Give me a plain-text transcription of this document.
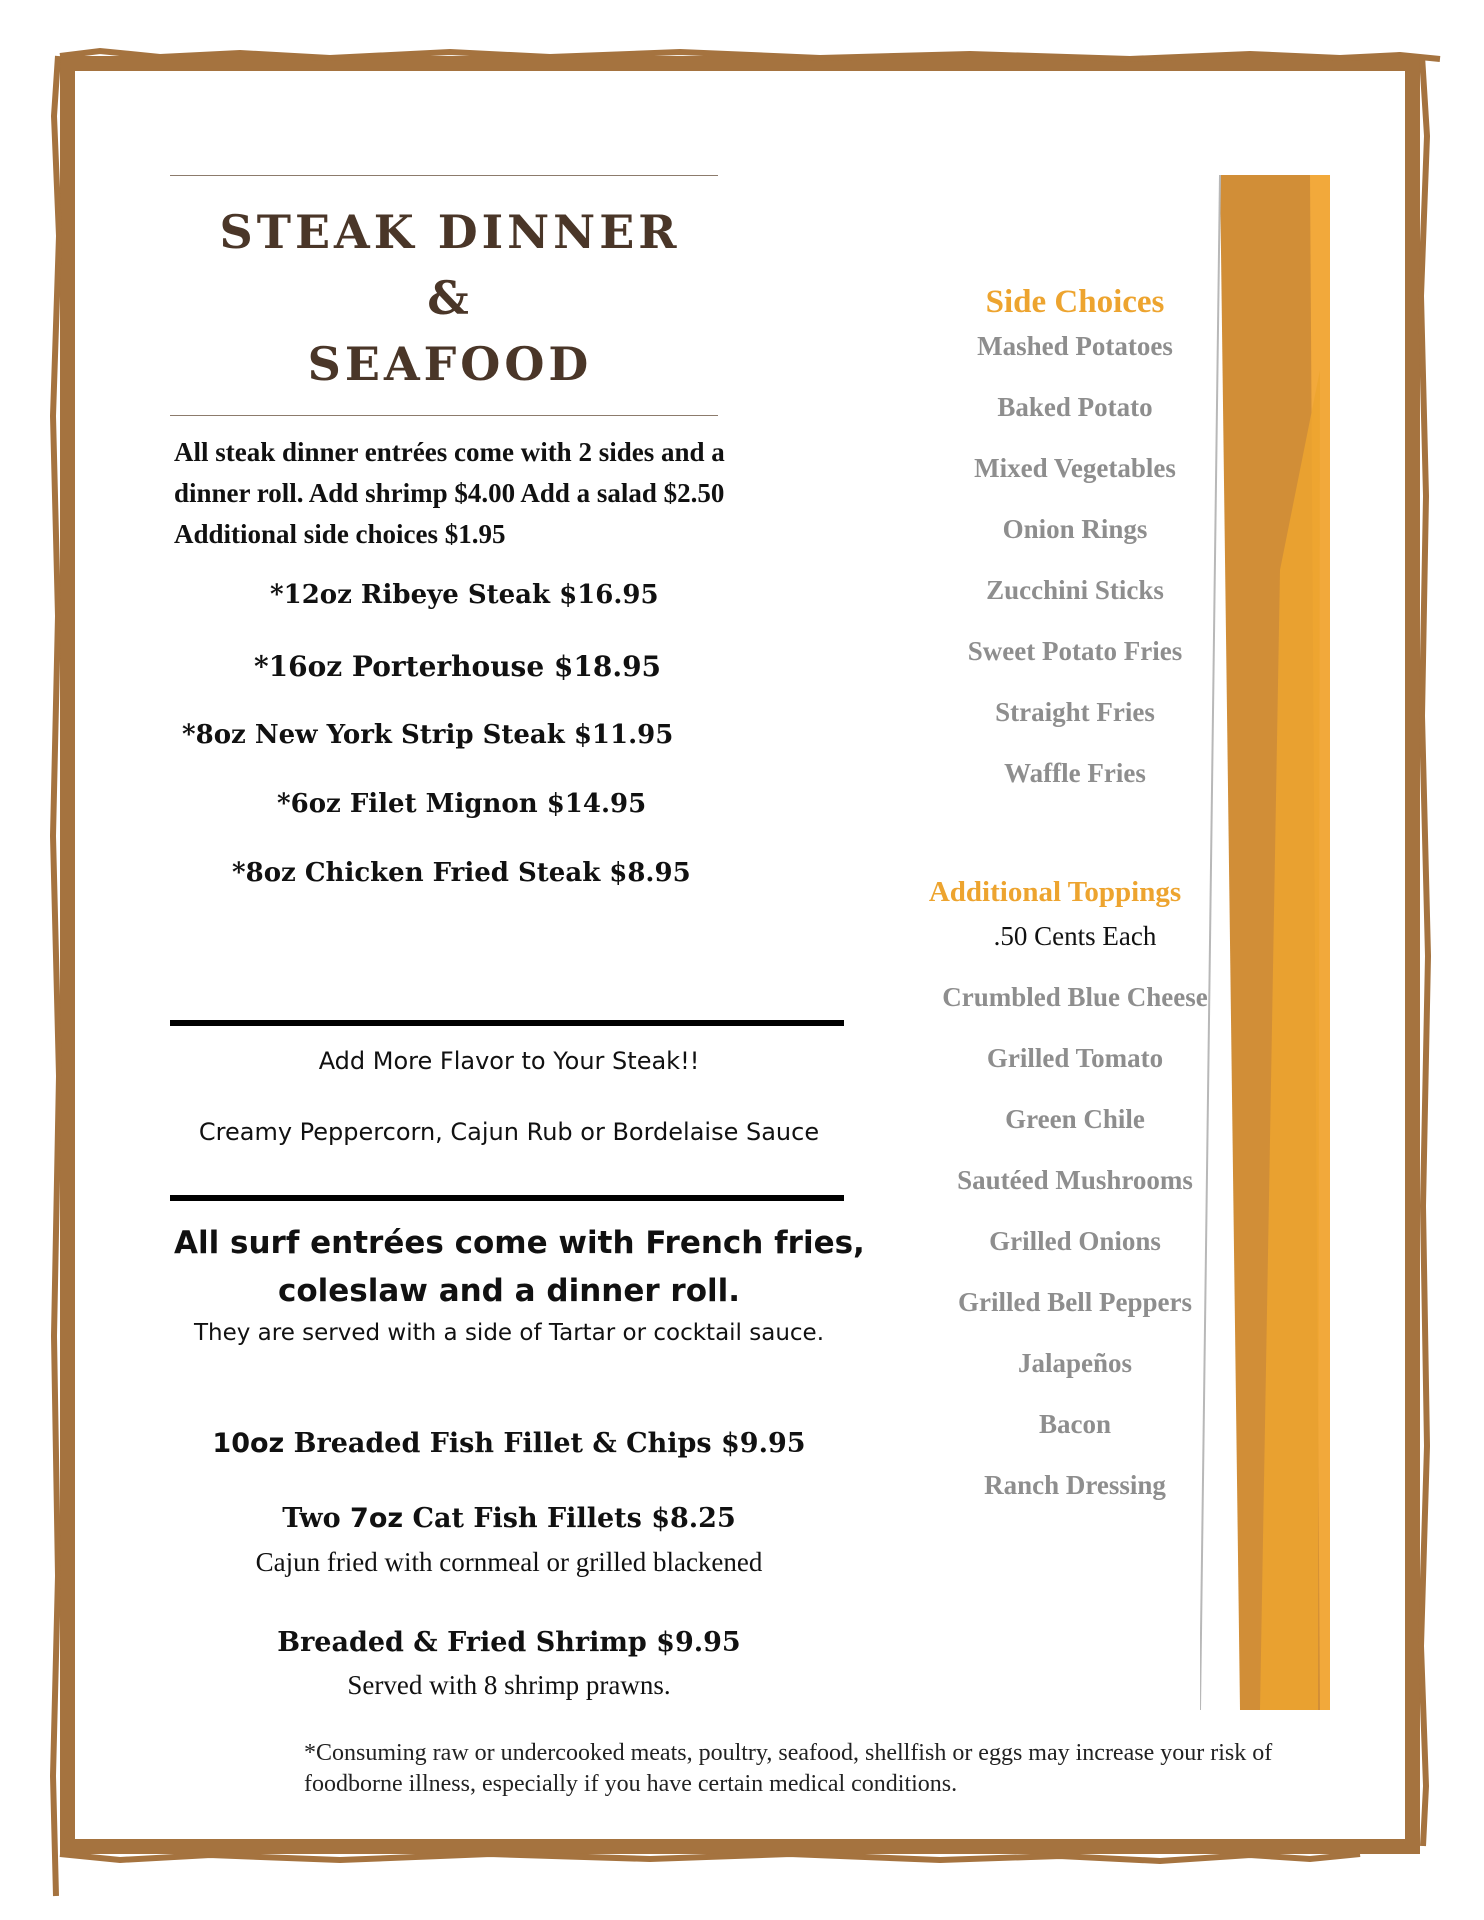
STEAK DINNER
&
SEAFOOD
All steak dinner entrées come with 2 sides and a dinner roll. Add shrimp $4.00 Add a salad $2.50 Additional side choices $1.95
*12oz Ribeye Steak $16.95
*16oz Porterhouse $18.95
*8oz New York Strip Steak $11.95
*6oz Filet Mignon $14.95
*8oz Chicken Fried Steak $8.95
Add More Flavor to Your Steak!!
Creamy Peppercorn, Cajun Rub or Bordelaise Sauce
All surf entrées come with French fries,
coleslaw and a dinner roll.
They are served with a side of Tartar or cocktail sauce.
10oz Breaded Fish Fillet & Chips $9.95
Two 7oz Cat Fish Fillets $8.25
Cajun fried with cornmeal or grilled blackened
Breaded & Fried Shrimp $9.95
Served with 8 shrimp prawns.
Side Choices
Mashed Potatoes
Baked Potato
Mixed Vegetables
Onion Rings
Zucchini Sticks
Sweet Potato Fries
Straight Fries
Waffle Fries
Additional Toppings
.50 Cents Each
Crumbled Blue Cheese
Grilled Tomato
Green Chile
Sautéed Mushrooms
Grilled Onions
Grilled Bell Peppers
Jalapeños
Bacon
Ranch Dressing
*Consuming raw or undercooked meats, poultry, seafood, shellfish or eggs may increase your risk of foodborne illness, especially if you have certain medical conditions.
